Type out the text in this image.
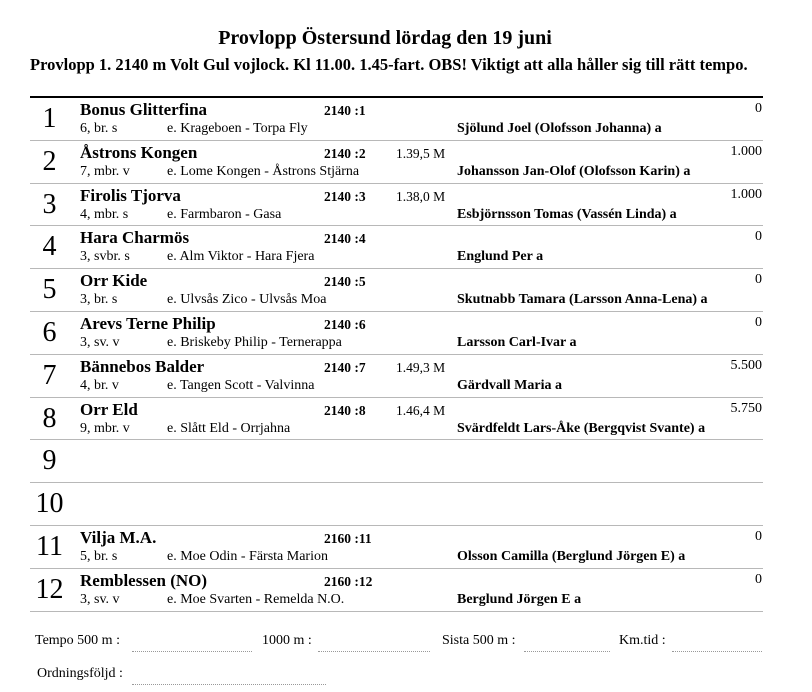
Provlopp Östersund lördag den 19 juni
Provlopp 1. 2140 m Volt Gul vojlock. Kl 11.00. 1.45-fart. OBS! Viktigt att alla håller sig till rätt tempo.
1	Bonus Glitterfina
6, br. s	e. Krageboen - Torpa Fly
2140 :1
Sjölund Joel (Olofsson Johanna) a
0
2	Åstrons Kongen
7, mbr. v	e. Lome Kongen - Åstrons Stjärna
2140 :2 1.39,5 M
Johansson Jan-Olof (Olofsson Karin) a
1.000
3	Firolis Tjorva
4, mbr. s	e. Farmbaron - Gasa
2140 :3 1.38,0 M
Esbjörnsson Tomas (Vassén Linda) a
1.000
4	Hara Charmös
3, svbr. s	e. Alm Viktor - Hara Fjera
2140 :4
Englund Per a
0
5	Orr Kide
3, br. s	e. Ulvsås Zico - Ulvsås Moa
2140 :5
Skutnabb Tamara (Larsson Anna-Lena) a
0
6	Arevs Terne Philip
3, sv. v	e. Briskeby Philip - Ternerappa
2140 :6
Larsson Carl-Ivar a
0
7	Bännebos Balder
4, br. v	e. Tangen Scott - Valvinna
2140 :7 1.49,3 M
Gärdvall Maria a
5.500
8	Orr Eld
9, mbr. v	e. Slått Eld - Orrjahna
2140 :8 1.46,4 M
Svärdfeldt Lars-Åke (Bergqvist Svante) a
5.750
9
10
11	Vilja M.A.
5, br. s	e. Moe Odin - Färsta Marion
2160 :11
Olsson Camilla (Berglund Jörgen E) a
0
12 Remblessen (NO)
3, sv. v	e. Moe Svarten - Remelda N.O.
2160 :12
Berglund Jörgen E a
0
Tempo 500 m :	1000 m :	Sista 500 m :	Km.tid :
Ordningsföljd :
